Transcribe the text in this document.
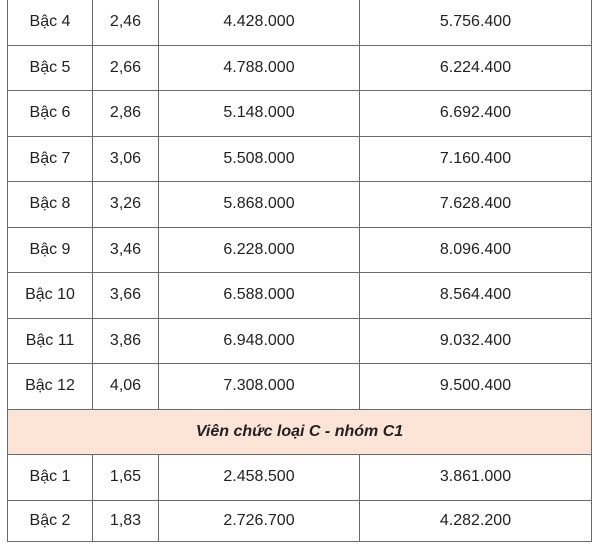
Bậc 4	2,46	4.428.000	5.756.400
Bậc 5	2,66	4.788.000	6.224.400
Bậc 6	2,86	5.148.000	6.692.400
Bậc 7	3,06	5.508.000	7.160.400
Bậc 8	3,26	5.868.000	7.628.400
Bậc 9	3,46	6.228.000	8.096.400
Bậc 10	3,66	6.588.000	8.564.400
Bậc 11	3,86	6.948.000	9.032.400
Bậc 12	4,06	7.308.000	9.500.400
Viên chức loại C - nhóm C1			
Bậc 1	1,65	2.458.500	3.861.000
Bậc 2	1,83	2.726.700	4.282.200
